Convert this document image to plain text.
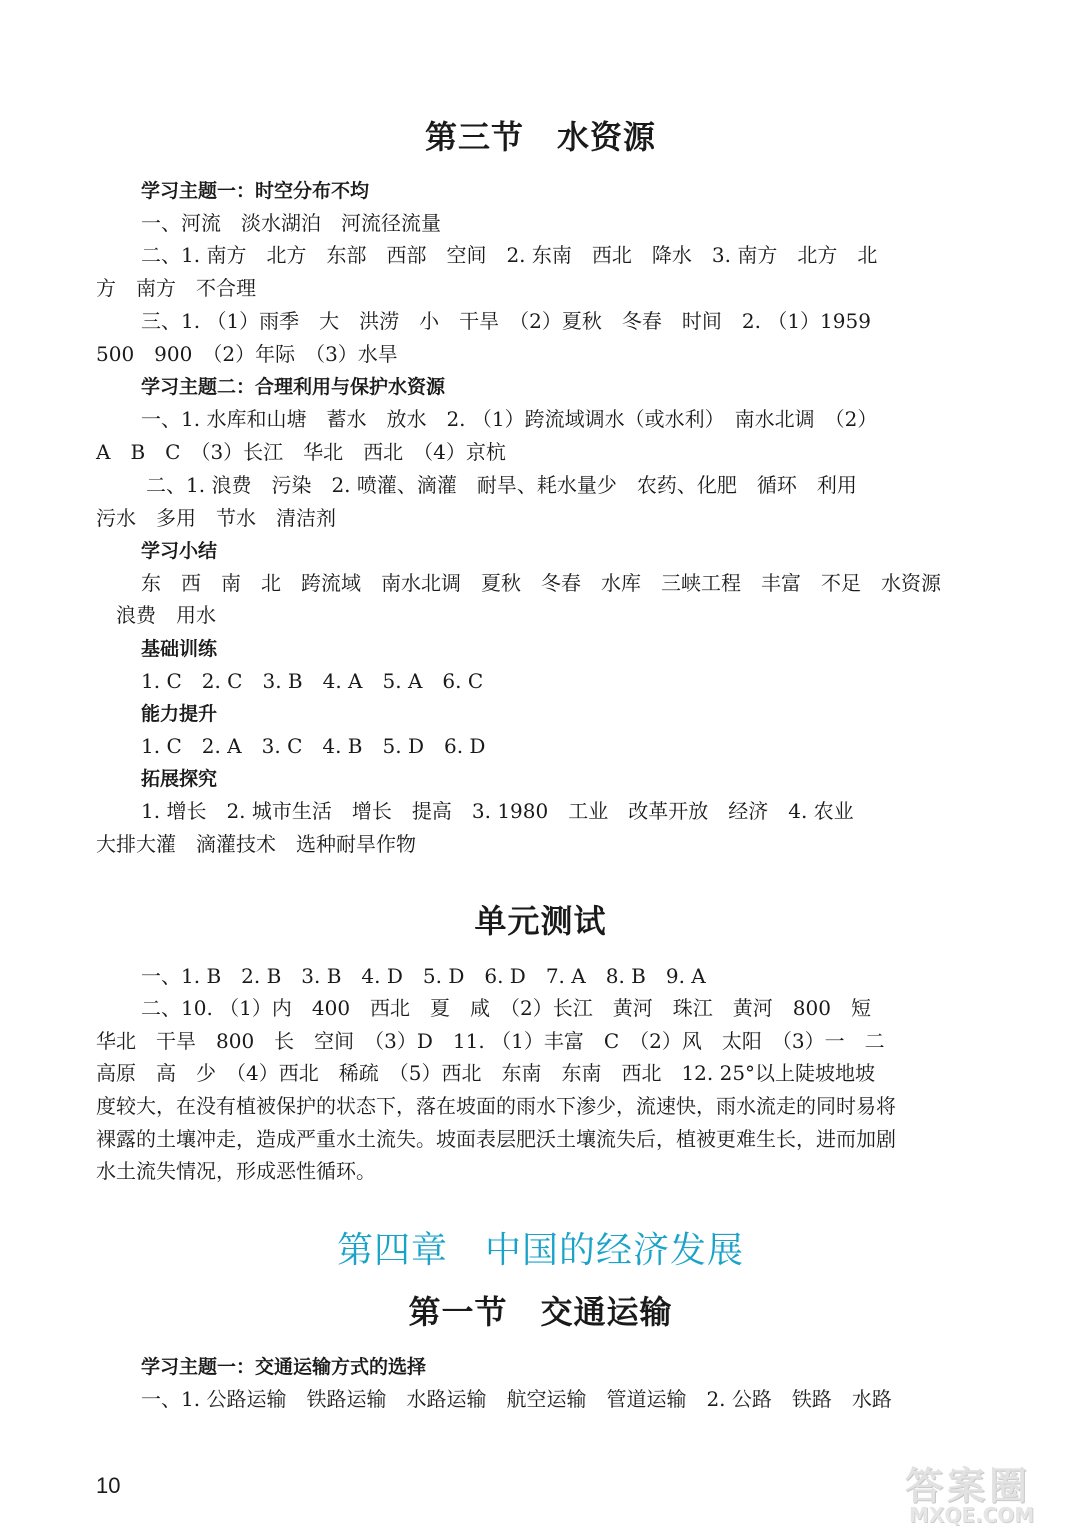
第三节　水资源
学习主题一：时空分布不均
一、河流　淡水湖泊　河流径流量
二、1. 南方　北方　东部　西部　空间　2. 东南　西北　降水　3. 南方　北方　北
方　南方　不合理
三、1. （1）雨季　大　洪涝　小　干旱　（2）夏秋　冬春　时间　2. （1）1959
500　900　（2）年际　（3）水旱
学习主题二：合理利用与保护水资源
一、1. 水库和山塘　蓄水　放水　2. （1）跨流域调水（或水利）　南水北调　（2）
A　B　C　（3）长江　华北　西北　（4）京杭
二、1. 浪费　污染　2. 喷灌、滴灌　耐旱、耗水量少　农药、化肥　循环　利用
污水　多用　节水　清洁剂
学习小结
东　西　南　北　跨流域　南水北调　夏秋　冬春　水库　三峡工程　丰富　不足　水资源
浪费　用水
基础训练
1. C　2. C　3. B　4. A　5. A　6. C
能力提升
1. C　2. A　3. C　4. B　5. D　6. D
拓展探究
1. 增长　2. 城市生活　增长　提高　3. 1980　工业　改革开放　经济　4. 农业
大排大灌　滴灌技术　选种耐旱作物
单元测试
一、1. B　2. B　3. B　4. D　5. D　6. D　7. A　8. B　9. A
二、10. （1）内　400　西北　夏　咸　（2）长江　黄河　珠江　黄河　800　短
华北　干旱　800　长　空间　（3）D　11. （1）丰富　C　（2）风　太阳　（3）一　二
高原　高　少　（4）西北　稀疏　（5）西北　东南　东南　西北　12. 25°以上陡坡地坡
度较大，在没有植被保护的状态下，落在坡面的雨水下渗少，流速快，雨水流走的同时易将
裸露的土壤冲走，造成严重水土流失。坡面表层肥沃土壤流失后，植被更难生长，进而加剧
水土流失情况，形成恶性循环。
第四章　中国的经济发展
第一节　交通运输
学习主题一：交通运输方式的选择
一、1. 公路运输　铁路运输　水路运输　航空运输　管道运输　2. 公路　铁路　水路
10	答案圈
MXQE.COM
